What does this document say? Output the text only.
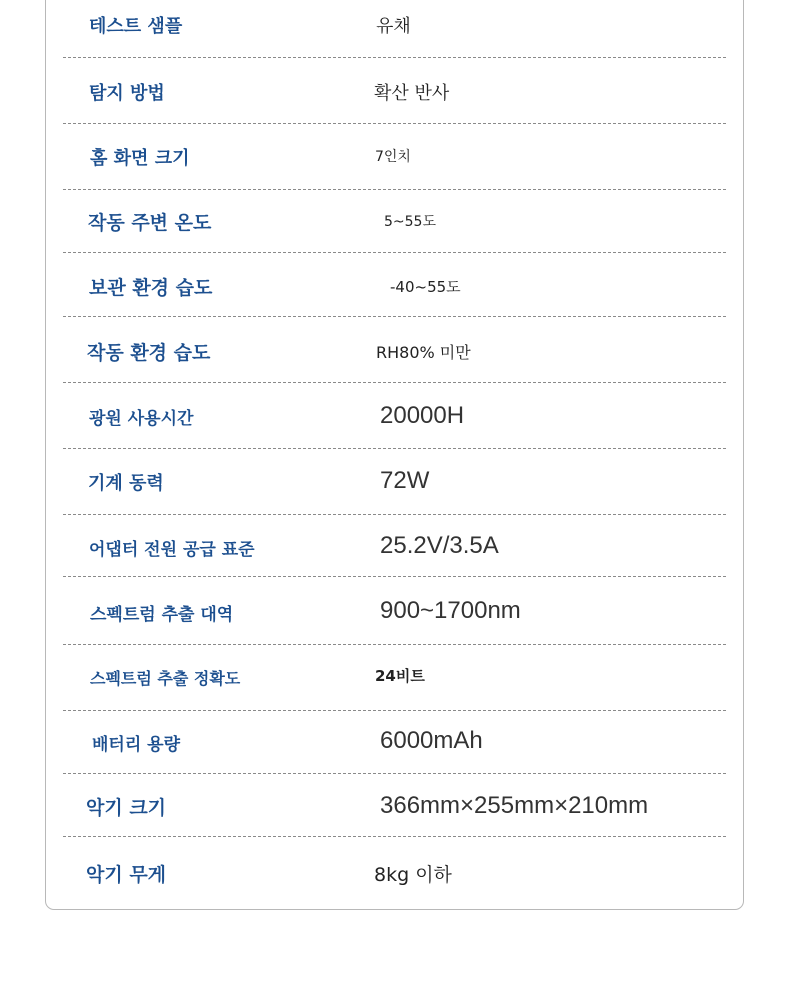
테스트 샘플	유채
탐지 방법	확산 반사
홈 화면 크기	7인치
작동 주변 온도	5~55도
보관 환경 습도	-40~55도
작동 환경 습도	RH80% 미만
광원 사용시간	20000H
기계 동력	72W
어댑터 전원 공급 표준	25.2V/3.5A
스펙트럼 추출 대역	900~1700nm
스펙트럼 추출 정확도	24비트
배터리 용량	6000mAh
악기 크기	366mm×255mm×210mm
악기 무게	8kg 이하
